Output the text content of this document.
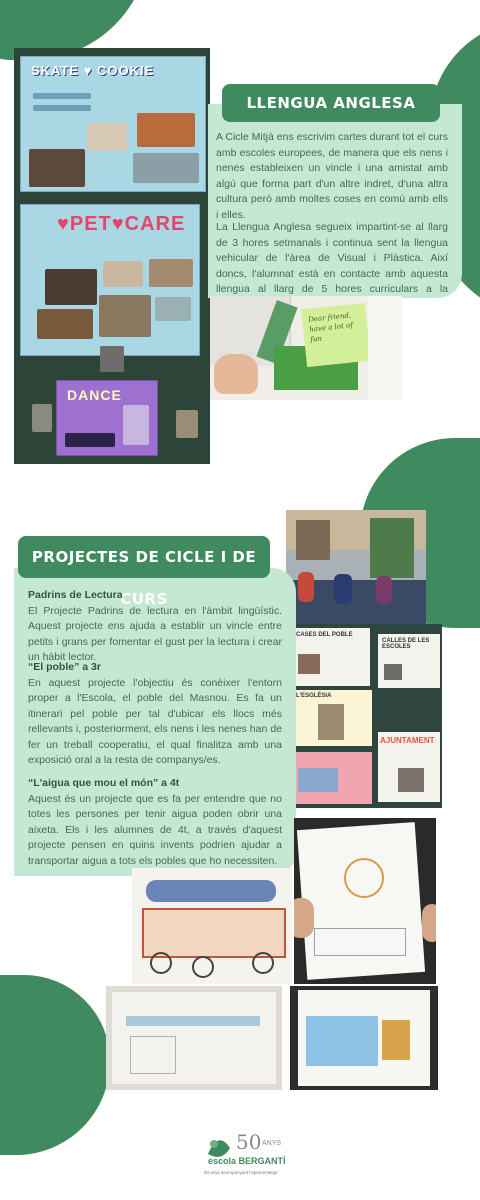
SKATE ♥ COOKIE
♥PET♥CARE
DANCE
LLENGUA ANGLESA

A Cicle Mitjà ens escrivim cartes durant tot el curs amb escoles europees, de manera que els nens i nenes estableixen un vincle i una amistat amb algú que forma part d'un altre indret, d'una altra cultura però amb moltes coses en comú amb ells i elles.

La Llengua Anglesa segueix impartint-se al llarg de 3 hores setmanals i continua sent la llengua vehicular de l'àrea de Visual i Plàstica. Així doncs, l'alumnat està en contacte amb aquesta llengua al llarg de 5 hores curriculars a la

Dear friend, have a lot of fun
CASES DEL POBLE
CALLES DE LES ESCOLES
L'ESGLÉSIA
AJUNTAMENT
PROJECTES DE CICLE I DE CURS
Padrins de Lectura
El Projecte Padrins de lectura en l'àmbit lingüístic. Aquest projecte ens ajuda a establir un vincle entre petits i grans per fomentar el gust per la lectura i crear un hàbit lector.
“El poble” a 3r
En aquest projecte l'objectiu és conèixer l'entorn proper a l'Escola, el poble del Masnou. Es fa un itinerari pel poble per tal d'ubicar els llocs més rellevants i, posteriorment, els nens i les nenes han de fer un treball cooperatiu, el qual finalitza amb una exposició oral a la resta de companys/es.
“L'aigua que mou el món” a 4t
Aquest és un projecte que es fa per entendre que no totes les persones per tenir aigua poden obrir una aixeta. Els i les alumnes de 4t, a través d'aquest projecte pensen en quins invents podrien ajudar a transportar aigua a tots els pobles que ho necessiten.
50 ANYS
escola BERGANTÍ
50 anys acompanyant l'aprenentatge
